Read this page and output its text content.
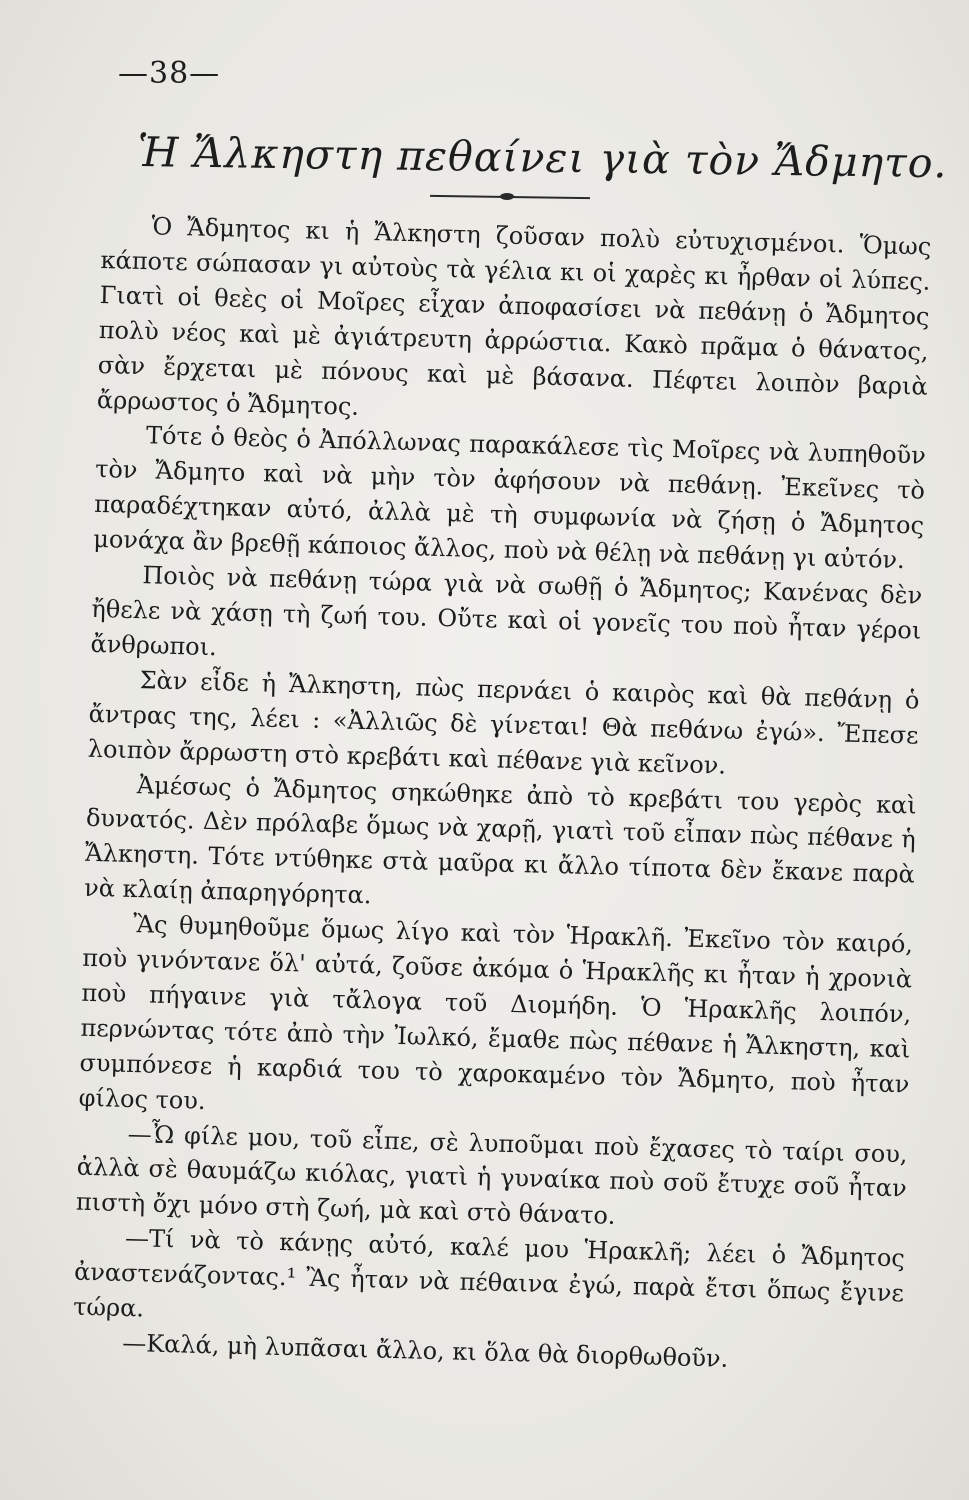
—38—
Ἡ Ἄλκηστη πεθαίνει γιὰ τὸν Ἄδμητο.

Ὁ Ἄδμητος κι ἡ Ἄλκηστη ζοῦσαν πολὺ εὐτυχισμένοι. Ὅμως κάποτε σώπασαν γι αὐτοὺς τὰ γέλια κι οἱ χαρὲς κι ἦρθαν οἱ λύπες. Γιατὶ οἱ θεὲς οἱ Μοῖρες εἶχαν ἀποφασίσει νὰ πεθάνῃ ὁ Ἄδμητος πολὺ νέος καὶ μὲ ἀγιάτρευτη ἀρρώστια. Κακὸ πρᾶμα ὁ θάνατος, σὰν ἔρχεται μὲ πόνους καὶ μὲ βάσανα. Πέφτει λοιπὸν βαριὰ ἄρρωστος ὁ Ἄδμητος.

Τότε ὁ θεὸς ὁ Ἀπόλλωνας παρακάλεσε τὶς Μοῖρες νὰ λυπηθοῦν τὸν Ἄδμητο καὶ νὰ μὴν τὸν ἀφήσουν νὰ πεθάνῃ. Ἐκεῖνες τὸ παραδέχτηκαν αὐτό, ἀλλὰ μὲ τὴ συμφωνία νὰ ζήσῃ ὁ Ἄδμητος μονάχα ἂν βρεθῇ κάποιος ἄλλος, ποὺ νὰ θέλῃ νὰ πεθάνῃ γι αὐτόν.

Ποιὸς νὰ πεθάνῃ τώρα γιὰ νὰ σωθῇ ὁ Ἄδμητος; Κανένας δὲν ἤθελε νὰ χάσῃ τὴ ζωή του. Οὔτε καὶ οἱ γονεῖς του ποὺ ἦταν γέροι ἄνθρωποι.

Σὰν εἶδε ἡ Ἄλκηστη, πὼς περνάει ὁ καιρὸς καὶ θὰ πεθάνῃ ὁ ἄντρας της, λέει : «Ἀλλιῶς δὲ γίνεται! Θὰ πεθάνω ἐγώ». Ἔπεσε λοιπὸν ἄρρωστη στὸ κρεβάτι καὶ πέθανε γιὰ κεῖνον.

Ἀμέσως ὁ Ἄδμητος σηκώθηκε ἀπὸ τὸ κρεβάτι του γερὸς καὶ δυνατός. Δὲν πρόλαβε ὅμως νὰ χαρῇ, γιατὶ τοῦ εἶπαν πὼς πέθανε ἡ Ἄλκηστη. Τότε ντύθηκε στὰ μαῦρα κι ἄλλο τίποτα δὲν ἔκανε παρὰ νὰ κλαίῃ ἀπαρηγόρητα.

Ἂς θυμηθοῦμε ὅμως λίγο καὶ τὸν Ἡρακλῆ. Ἐκεῖνο τὸν καιρό, ποὺ γινόντανε ὅλ' αὐτά, ζοῦσε ἀκόμα ὁ Ἡρακλῆς κι ἦταν ἡ χρονιὰ ποὺ πήγαινε γιὰ τἄλογα τοῦ Διομήδη. Ὁ Ἡρακλῆς λοιπόν, περνώντας τότε ἀπὸ τὴν Ἰωλκό, ἔμαθε πὼς πέθανε ἡ Ἄλκηστη, καὶ συμπόνεσε ἡ καρδιά του τὸ χαροκαμένο τὸν Ἄδμητο, ποὺ ἦταν φίλος του.

—Ὦ φίλε μου, τοῦ εἶπε, σὲ λυποῦμαι ποὺ ἔχασες τὸ ταίρι σου, ἀλλὰ σὲ θαυμάζω κιόλας, γιατὶ ἡ γυναίκα ποὺ σοῦ ἔτυχε σοῦ ἦταν πιστὴ ὄχι μόνο στὴ ζωή, μὰ καὶ στὸ θάνατο.

—Τί νὰ τὸ κάνῃς αὐτό, καλέ μου Ἡρακλῆ; λέει ὁ Ἄδμητος ἀναστενάζοντας.¹ Ἂς ἦταν νὰ πέθαινα ἐγώ, παρὰ ἔτσι ὅπως ἔγινε τώρα.

—Καλά, μὴ λυπᾶσαι ἄλλο, κι ὅλα θὰ διορθωθοῦν.
